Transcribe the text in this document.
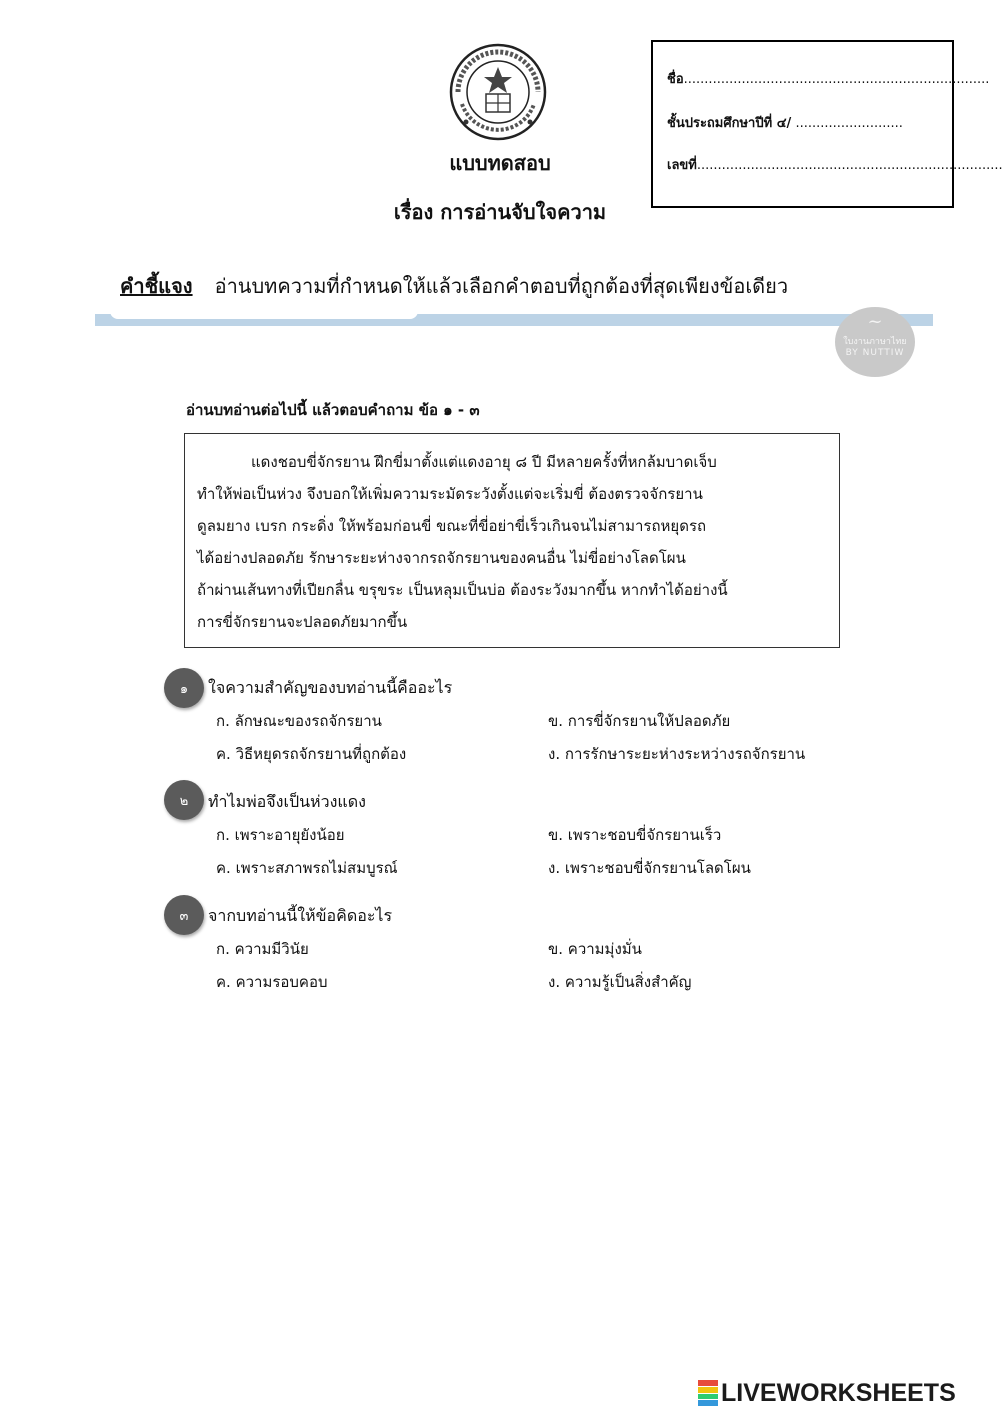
แบบทดสอบ
เรื่อง การอ่านจับใจความ
ชื่อ..........................................................................
ชั้นประถมศึกษาปีที่ ๔/ ..........................
เลขที่..........................................................................
คำชี้แจง อ่านบทความที่กำหนดให้แล้วเลือกคำตอบที่ถูกต้องที่สุดเพียงข้อเดียว
~
ใบงานภาษาไทย
BY NUTTIW
อ่านบทอ่านต่อไปนี้ แล้วตอบคำถาม ข้อ ๑ - ๓
แดงชอบขี่จักรยาน ฝึกขี่มาตั้งแต่แดงอายุ ๘ ปี มีหลายครั้งที่หกล้มบาดเจ็บ
ทำให้พ่อเป็นห่วง จึงบอกให้เพิ่มความระมัดระวังตั้งแต่จะเริ่มขี่ ต้องตรวจจักรยาน
ดูลมยาง เบรก กระดิ่ง ให้พร้อมก่อนขี่ ขณะที่ขี่อย่าขี่เร็วเกินจนไม่สามารถหยุดรถ
ได้อย่างปลอดภัย รักษาระยะห่างจากรถจักรยานของคนอื่น ไม่ขี่อย่างโลดโผน
ถ้าผ่านเส้นทางที่เปียกลื่น ขรุขระ เป็นหลุมเป็นบ่อ ต้องระวังมากขึ้น หากทำได้อย่างนี้
การขี่จักรยานจะปลอดภัยมากขึ้น
๑	ใจความสำคัญของบทอ่านนี้คืออะไร
ก. ลักษณะของรถจักรยาน	ข. การขี่จักรยานให้ปลอดภัย
ค. วิธีหยุดรถจักรยานที่ถูกต้อง	ง. การรักษาระยะห่างระหว่างรถจักรยาน
๒	ทำไมพ่อจึงเป็นห่วงแดง
ก. เพราะอายุยังน้อย	ข. เพราะชอบขี่จักรยานเร็ว
ค. เพราะสภาพรถไม่สมบูรณ์	ง. เพราะชอบขี่จักรยานโลดโผน
๓	จากบทอ่านนี้ให้ข้อคิดอะไร
ก. ความมีวินัย	ข. ความมุ่งมั่น
ค. ความรอบคอบ	ง. ความรู้เป็นสิ่งสำคัญ
LIVEWORKSHEETS
